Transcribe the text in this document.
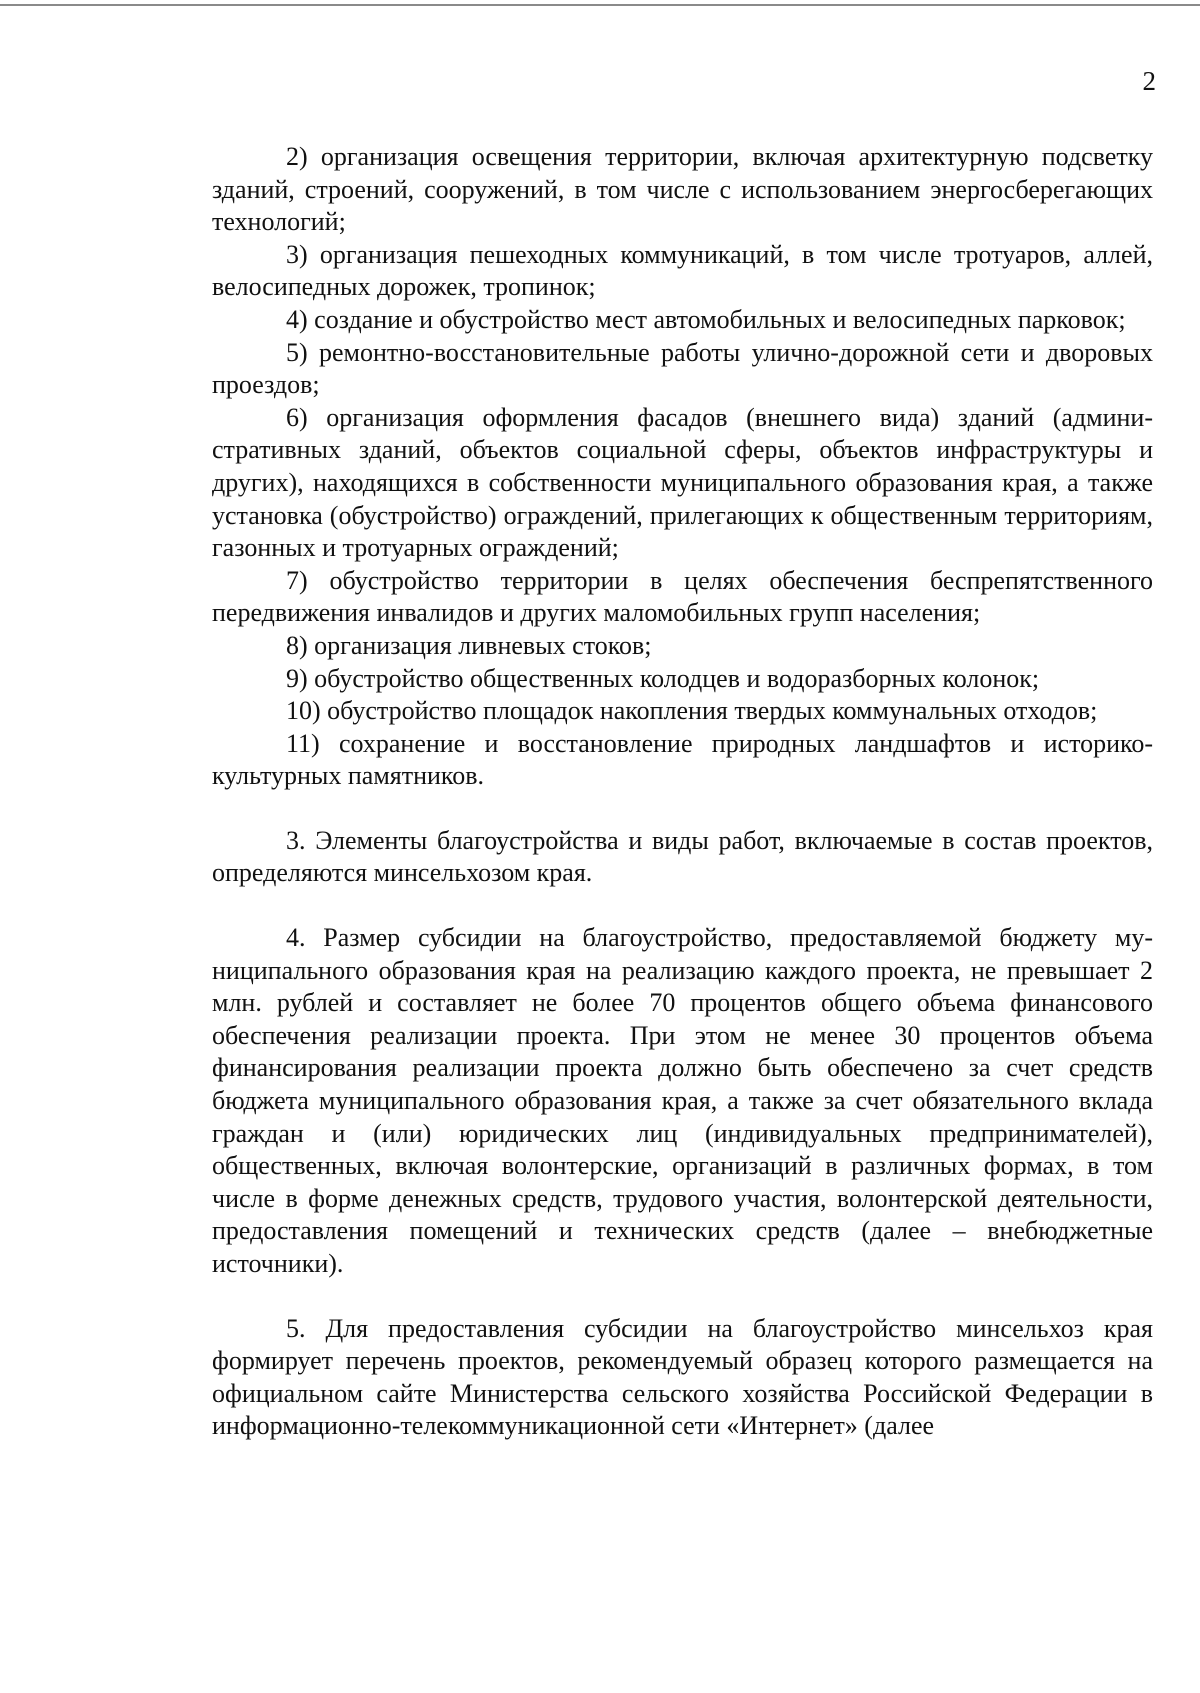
2

2) организация освещения территории, включая архитектурную подсветку зданий, строений, сооружений, в том числе с использованием энергосберегающих технологий;

3) организация пешеходных коммуникаций, в том числе тротуаров, аллей, велосипедных дорожек, тропинок;

4) создание и обустройство мест автомобильных и велосипедных парковок;

5) ремонтно-восстановительные работы улично-дорожной сети и дворовых проездов;

6) организация оформления фасадов (внешнего вида) зданий (административных зданий, объектов социальной сферы, объектов инфраструктуры и других), находящихся в собственности муниципального образования края, а также установка (обустройство) ограждений, прилегающих к общественным территориям, газонных и тротуарных ограждений;

7) обустройство территории в целях обеспечения беспрепятственного передвижения инвалидов и других маломобильных групп населения;

8) организация ливневых стоков;

9) обустройство общественных колодцев и водоразборных колонок;

10) обустройство площадок накопления твердых коммунальных отходов;

11) сохранение и восстановление природных ландшафтов и историко-культурных памятников.

3. Элементы благоустройства и виды работ, включаемые в состав проектов, определяются минсельхозом края.

4. Размер субсидии на благоустройство, предоставляемой бюджету муниципального образования края на реализацию каждого проекта, не превышает 2 млн. рублей и составляет не более 70 процентов общего объема финансового обеспечения реализации проекта. При этом не менее 30 процентов объема финансирования реализации проекта должно быть обеспечено за счет средств бюджета муниципального образования края, а также за счет обязательного вклада граждан и (или) юридических лиц (индивидуальных предпринимателей), общественных, включая волонтерские, организаций в различных формах, в том числе в форме денежных средств, трудового участия, волонтерской деятельности, предоставления помещений и технических средств (далее – внебюджетные источники).

5. Для предоставления субсидии на благоустройство минсельхоз края формирует перечень проектов, рекомендуемый образец которого размещается на официальном сайте Министерства сельского хозяйства Российской Федерации в информационно-телекоммуникационной сети «Интернет» (далее
